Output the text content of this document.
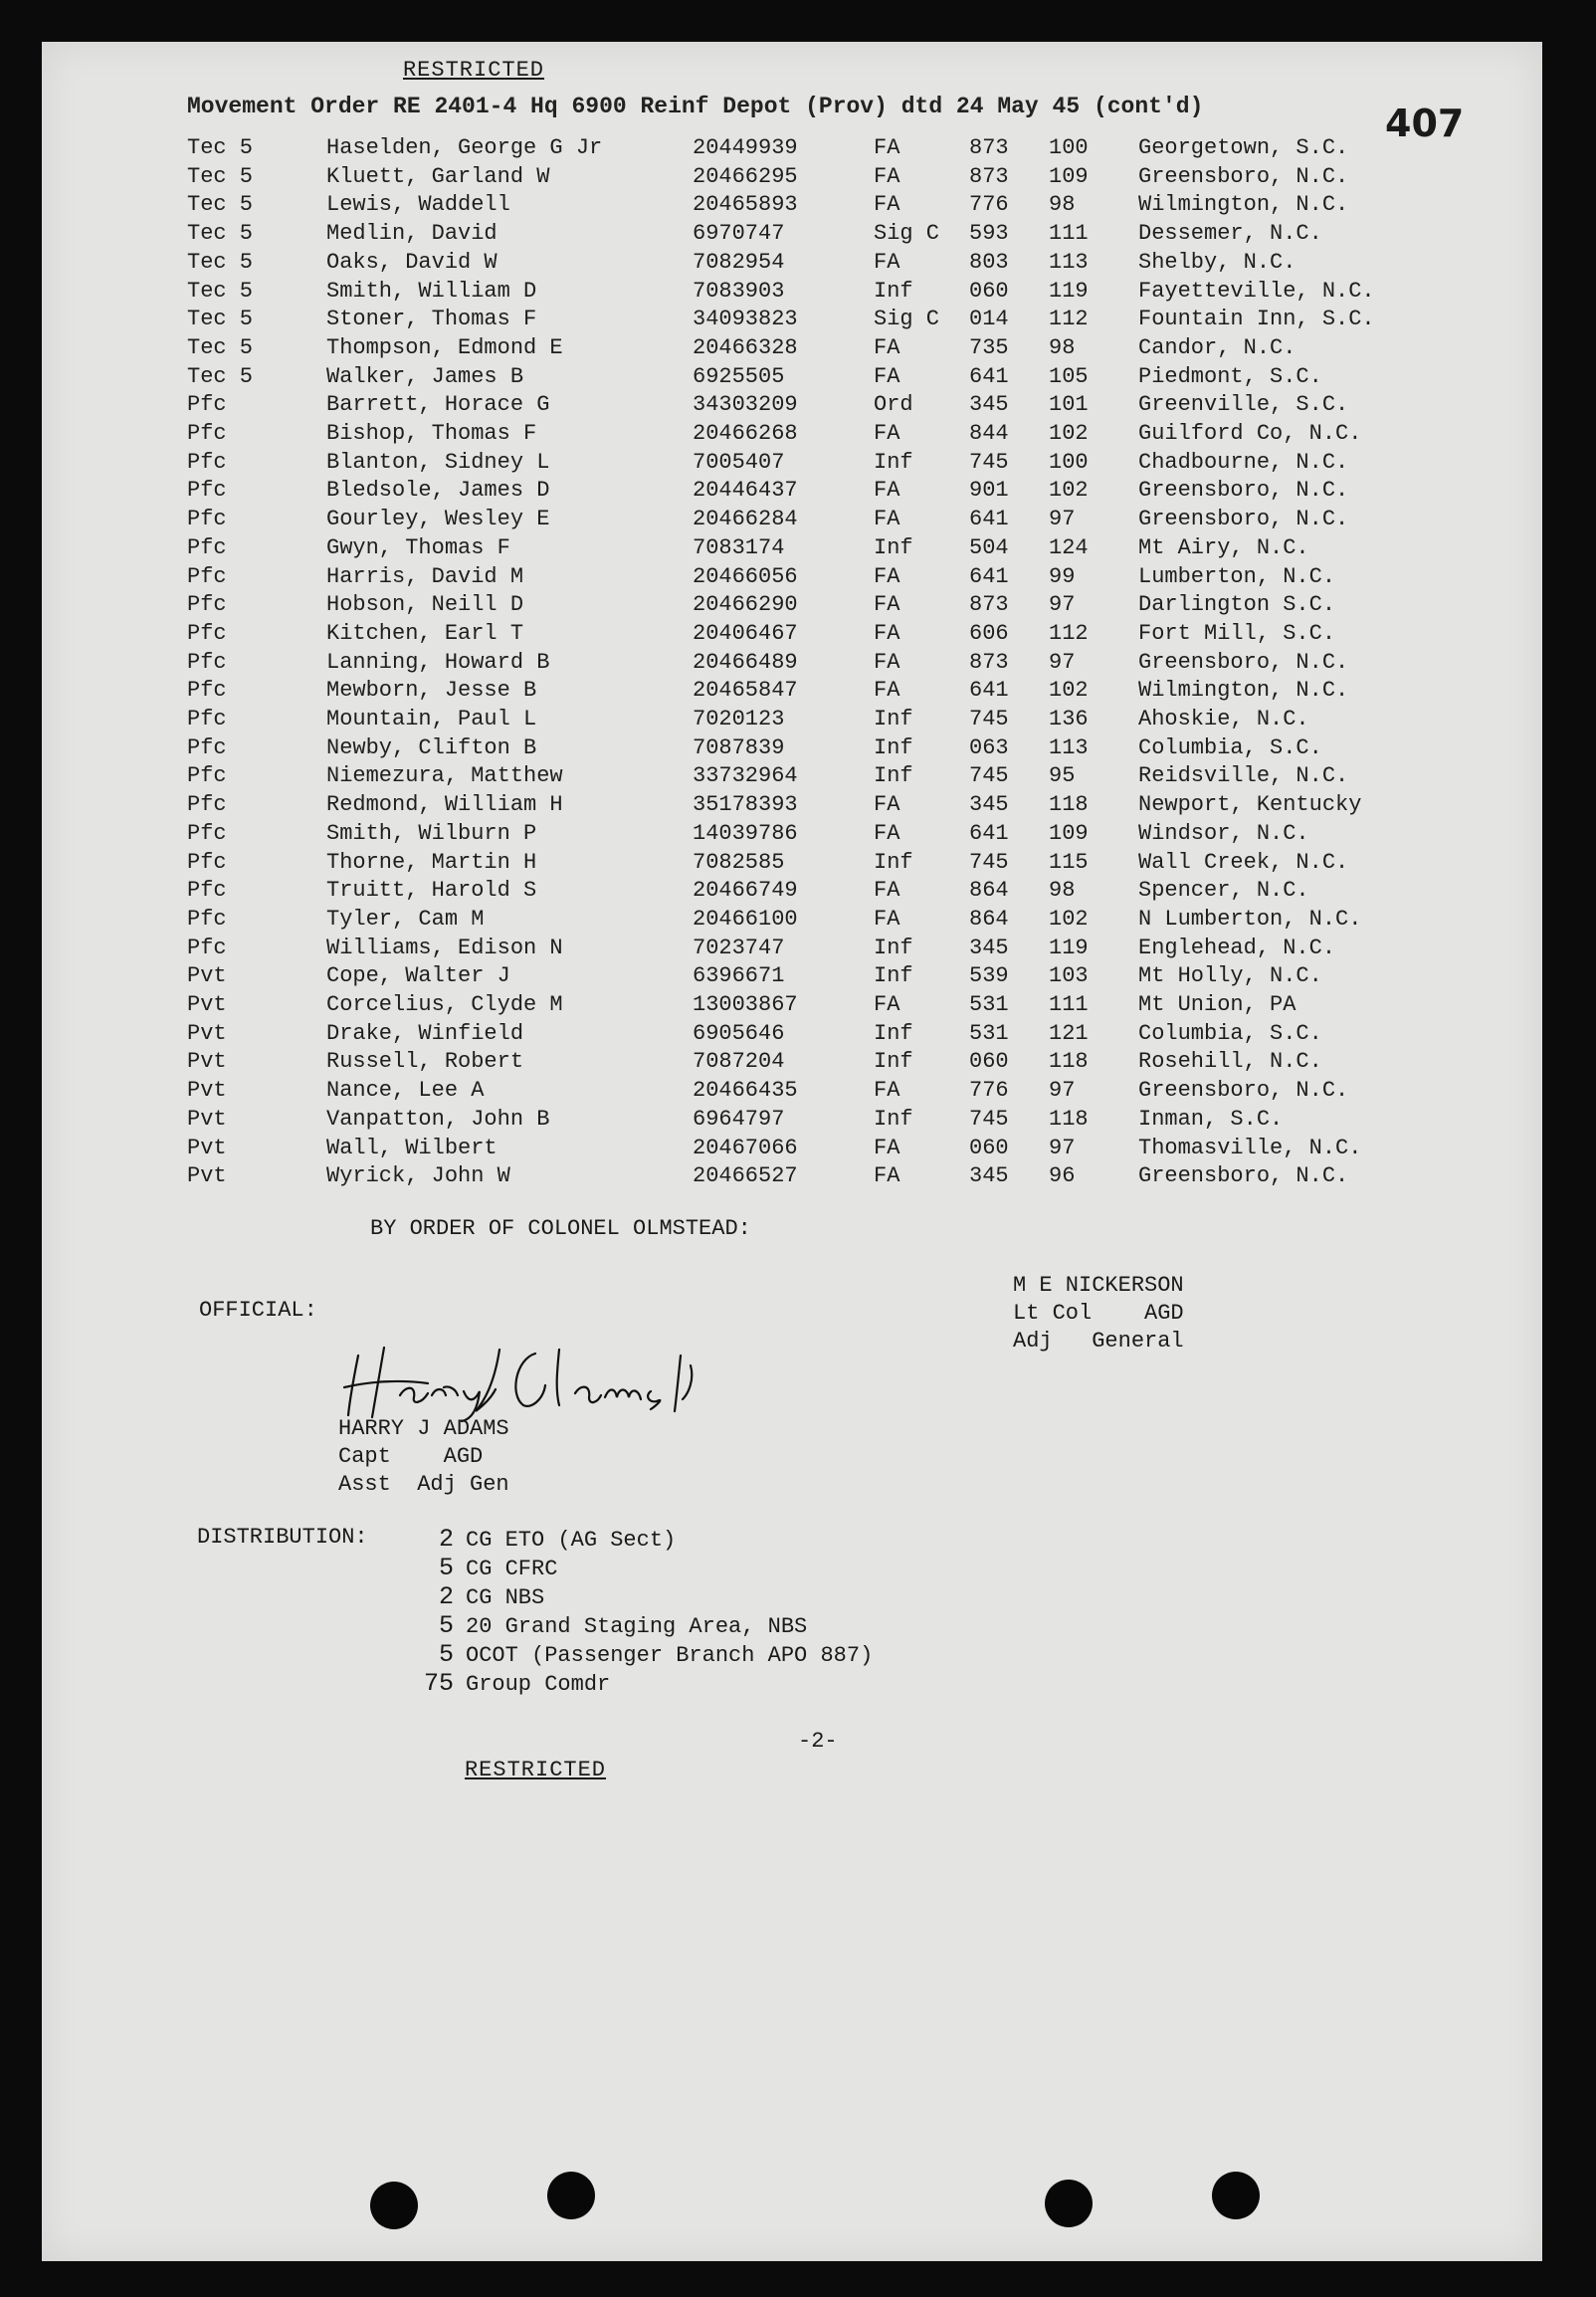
RESTRICTED
Movement Order RE 2401-4 Hq 6900 Reinf Depot (Prov) dtd 24 May 45 (cont'd)	407
Tec 5	Haselden, George G Jr	20449939	FA	873 100 Georgetown, S.C.
Tec 5	Kluett, Garland W	20466295	FA	873 109 Greensboro, N.C.
Tec 5	Lewis, Waddell	20465893	FA	776 98	Wilmington, N.C.
Tec 5	Medlin, David	6970747	Sig C 593 111 Dessemer, N.C.
Tec 5	Oaks, David W	7082954	FA	803 113 Shelby, N.C.
Tec 5	Smith, William D	7083903	Inf	060 119 Fayetteville, N.C.
Tec 5	Stoner, Thomas F	34093823	Sig C 014 112 Fountain Inn, S.C.
Tec 5	Thompson, Edmond E	20466328	FA	735 98	Candor, N.C.
Tec 5	Walker, James B	6925505	FA	641 105 Piedmont, S.C.
Pfc	Barrett, Horace G	34303209	Ord	345 101 Greenville, S.C.
Pfc	Bishop, Thomas F	20466268	FA	844 102 Guilford Co, N.C.
Pfc	Blanton, Sidney L	7005407	Inf	745 100 Chadbourne, N.C.
Pfc	Bledsole, James D	20446437	FA	901 102 Greensboro, N.C.
Pfc	Gourley, Wesley E	20466284	FA	641 97	Greensboro, N.C.
Pfc	Gwyn, Thomas F	7083174	Inf	504 124 Mt Airy, N.C.
Pfc	Harris, David M	20466056	FA	641 99	Lumberton, N.C.
Pfc	Hobson, Neill D	20466290	FA	873 97	Darlington S.C.
Pfc	Kitchen, Earl T	20406467	FA	606 112 Fort Mill, S.C.
Pfc	Lanning, Howard B	20466489	FA	873 97	Greensboro, N.C.
Pfc	Mewborn, Jesse B	20465847	FA	641 102 Wilmington, N.C.
Pfc	Mountain, Paul L	7020123	Inf	745 136 Ahoskie, N.C.
Pfc	Newby, Clifton B	7087839	Inf	063 113 Columbia, S.C.
Pfc	Niemezura, Matthew	33732964	Inf	745 95	Reidsville, N.C.
Pfc	Redmond, William H	35178393	FA	345 118 Newport, Kentucky
Pfc	Smith, Wilburn P	14039786	FA	641 109 Windsor, N.C.
Pfc	Thorne, Martin H	7082585	Inf	745 115 Wall Creek, N.C.
Pfc	Truitt, Harold S	20466749	FA	864 98	Spencer, N.C.
Pfc	Tyler, Cam M	20466100	FA	864 102 N Lumberton, N.C.
Pfc	Williams, Edison N	7023747	Inf	345 119 Englehead, N.C.
Pvt	Cope, Walter J	6396671	Inf	539 103 Mt Holly, N.C.
Pvt	Corcelius, Clyde M	13003867	FA	531 111 Mt Union, PA
Pvt	Drake, Winfield	6905646	Inf	531 121 Columbia, S.C.
Pvt	Russell, Robert	7087204	Inf	060 118 Rosehill, N.C.
Pvt	Nance, Lee A	20466435	FA	776 97	Greensboro, N.C.
Pvt	Vanpatton, John B	6964797	Inf	745 118 Inman, S.C.
Pvt	Wall, Wilbert	20467066	FA	060 97	Thomasville, N.C.
Pvt	Wyrick, John W	20466527	FA	345 96	Greensboro, N.C.
BY ORDER OF COLONEL OLMSTEAD:
M E NICKERSON
Lt Col    AGD
Adj   General
OFFICIAL:
HARRY J ADAMS
Capt    AGD
Asst  Adj Gen
DISTRIBUTION:	2 CG ETO (AG Sect)
5 CG CFRC
2 CG NBS
5 20 Grand Staging Area, NBS
5 OCOT (Passenger Branch APO 887)
75 Group Comdr
-2-
RESTRICTED
